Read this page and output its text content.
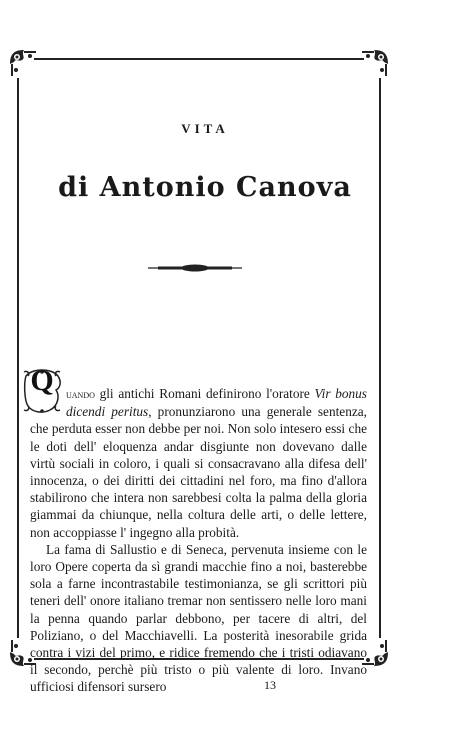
VITA
di Antonio Canova

Q	uando gli antichi Romani definirono l'oratore Vir bonus dicendi peritus, pronunziarono una generale sentenza, che perduta esser non debbe per noi. Non solo intesero essi che le doti dell' eloquenza andar disgiunte non dovevano dalle virtù sociali in coloro, i quali si consacravano alla difesa dell' innocenza, o dei diritti dei cittadini nel foro, ma fino d'allora stabilirono che intera non sarebbesi colta la palma della gloria giammai da chiunque, nella coltura delle arti, o delle lettere, non accoppiasse l' ingegno alla probità.

La fama di Sallustio e di Seneca, pervenuta insieme con le loro Opere coperta da sì grandi macchie fino a noi, basterebbe sola a farne incontrastabile testimonianza, se gli scrittori più teneri dell' onore italiano tremar non sentissero nelle loro mani la penna quando parlar debbono, per tacere di altri, del Poliziano, o del Macchiavelli. La posterità inesorabile grida contra i vizi del primo, e ridice fremendo che i tristi odiavano il secondo, perchè più tristo o più valente di loro. Invano ufficiosi difensori sursero	13
